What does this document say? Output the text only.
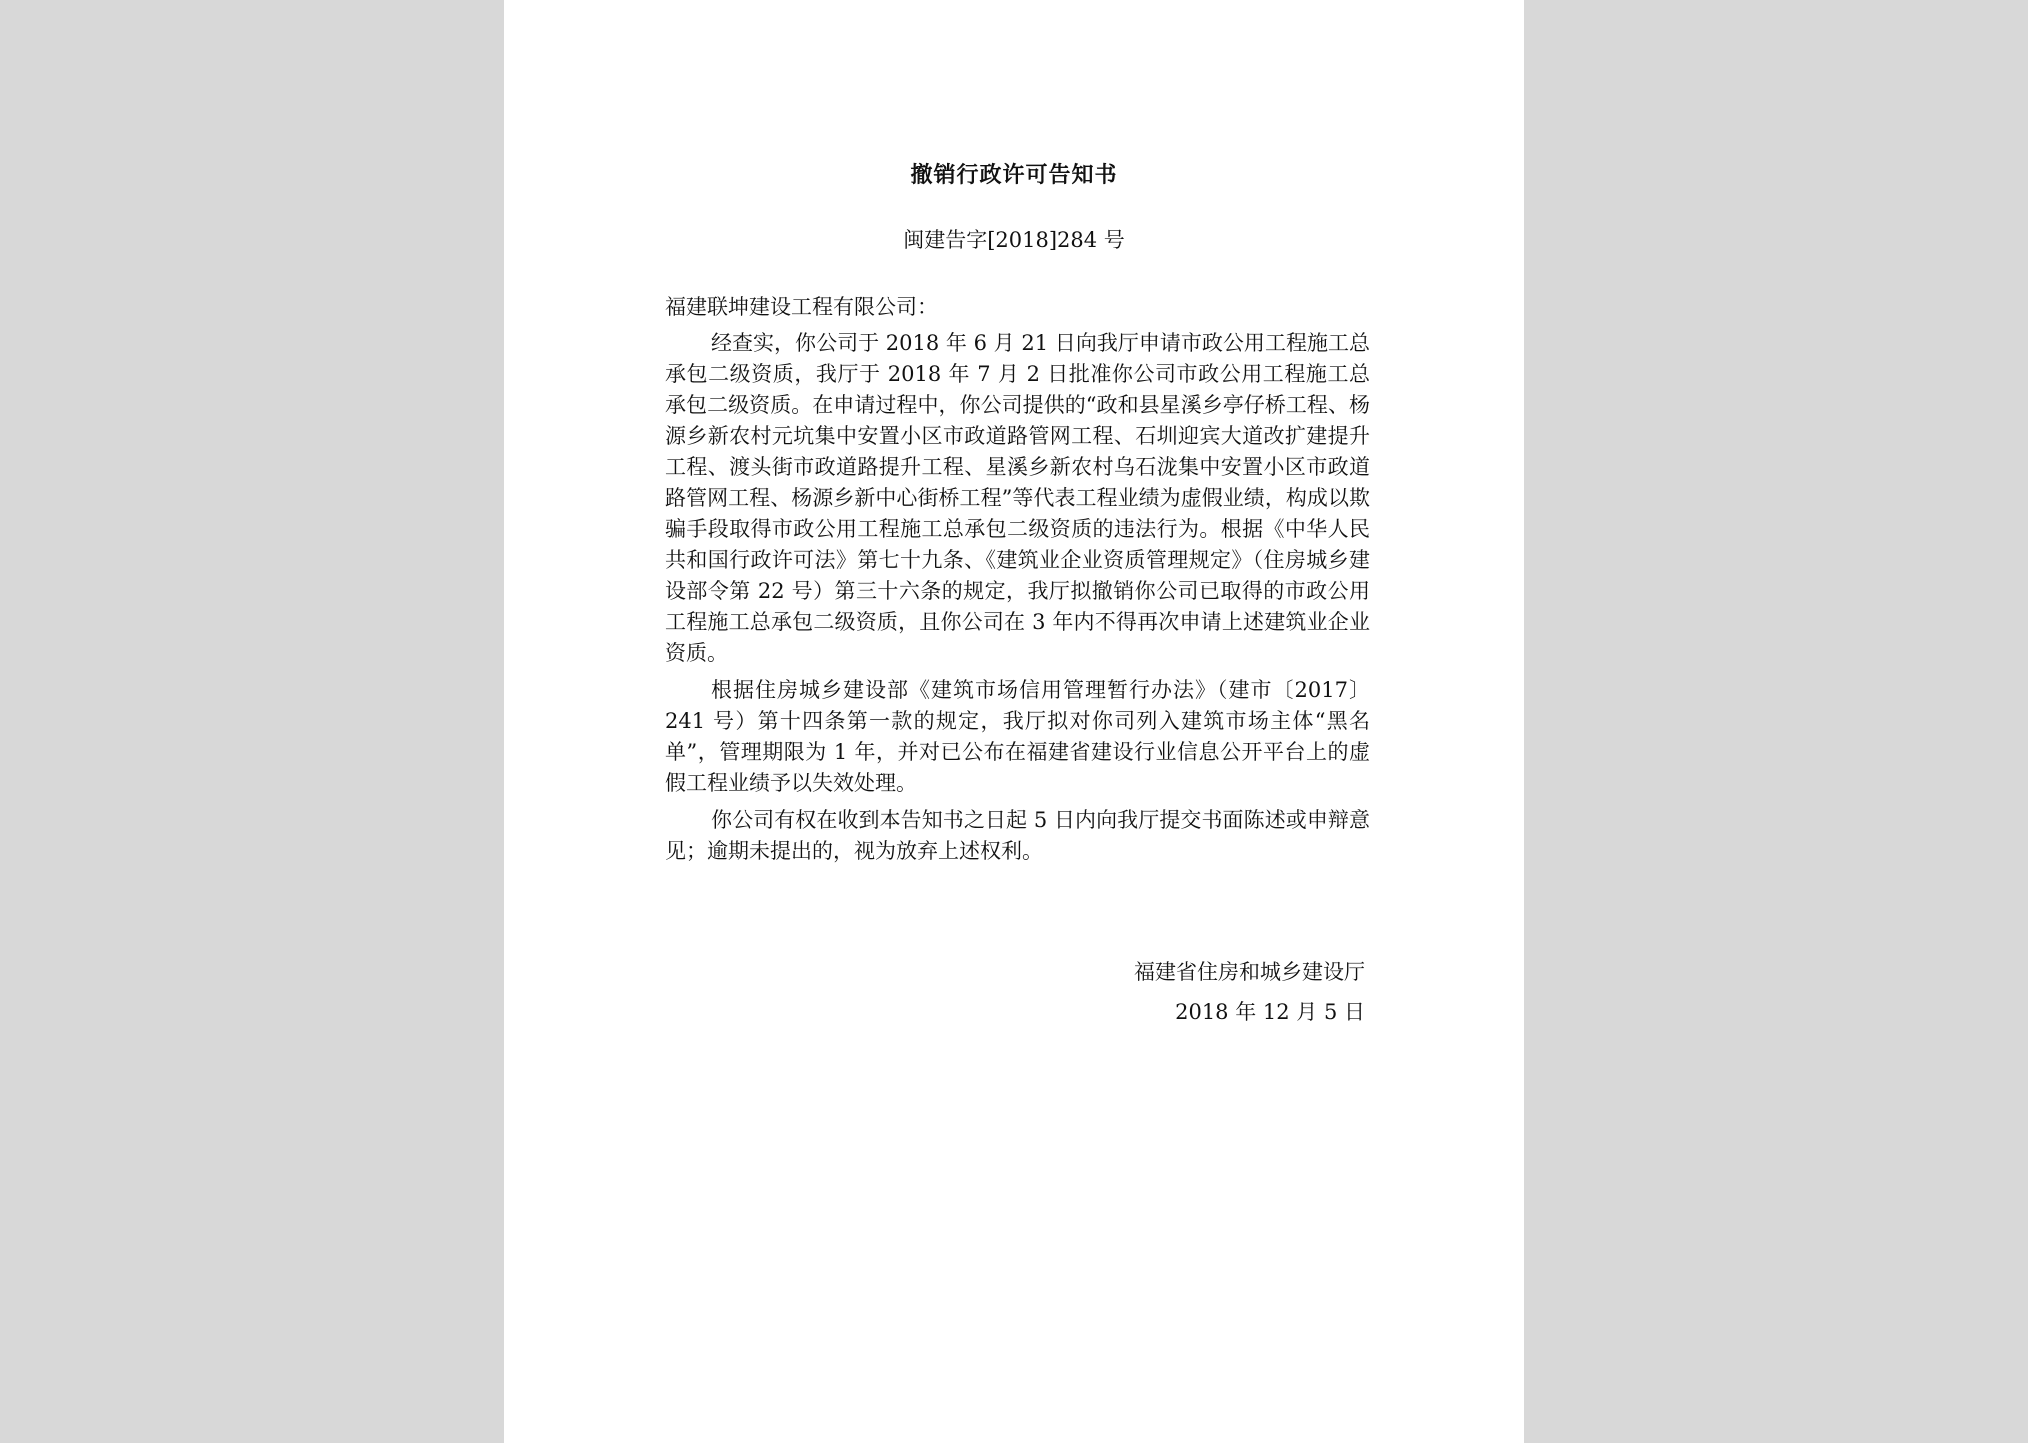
撤销行政许可告知书
闽建告字[2018]284 号
福建联坤建设工程有限公司：

经查实，你公司于 2018 年 6 月 21 日向我厅申请市政公用工程施工总承包二级资质，我厅于 2018 年 7 月 2 日批准你公司市政公用工程施工总承包二级资质。在申请过程中，你公司提供的“政和县星溪乡亭仔桥工程、杨源乡新农村元坑集中安置小区市政道路管网工程、石圳迎宾大道改扩建提升工程、渡头街市政道路提升工程、星溪乡新农村乌石泷集中安置小区市政道路管网工程、杨源乡新中心街桥工程”等代表工程业绩为虚假业绩，构成以欺骗手段取得市政公用工程施工总承包二级资质的违法行为。根据《中华人民共和国行政许可法》第七十九条、《建筑业企业资质管理规定》（住房城乡建设部令第 22 号）第三十六条的规定，我厅拟撤销你公司已取得的市政公用工程施工总承包二级资质，且你公司在 3 年内不得再次申请上述建筑业企业资质。

根据住房城乡建设部《建筑市场信用管理暂行办法》（建市〔2017〕241 号）第十四条第一款的规定，我厅拟对你司列入建筑市场主体“黑名单”，管理期限为 1 年，并对已公布在福建省建设行业信息公开平台上的虚假工程业绩予以失效处理。

你公司有权在收到本告知书之日起 5 日内向我厅提交书面陈述或申辩意见；逾期未提出的，视为放弃上述权利。

福建省住房和城乡建设厅
2018 年 12 月 5 日
